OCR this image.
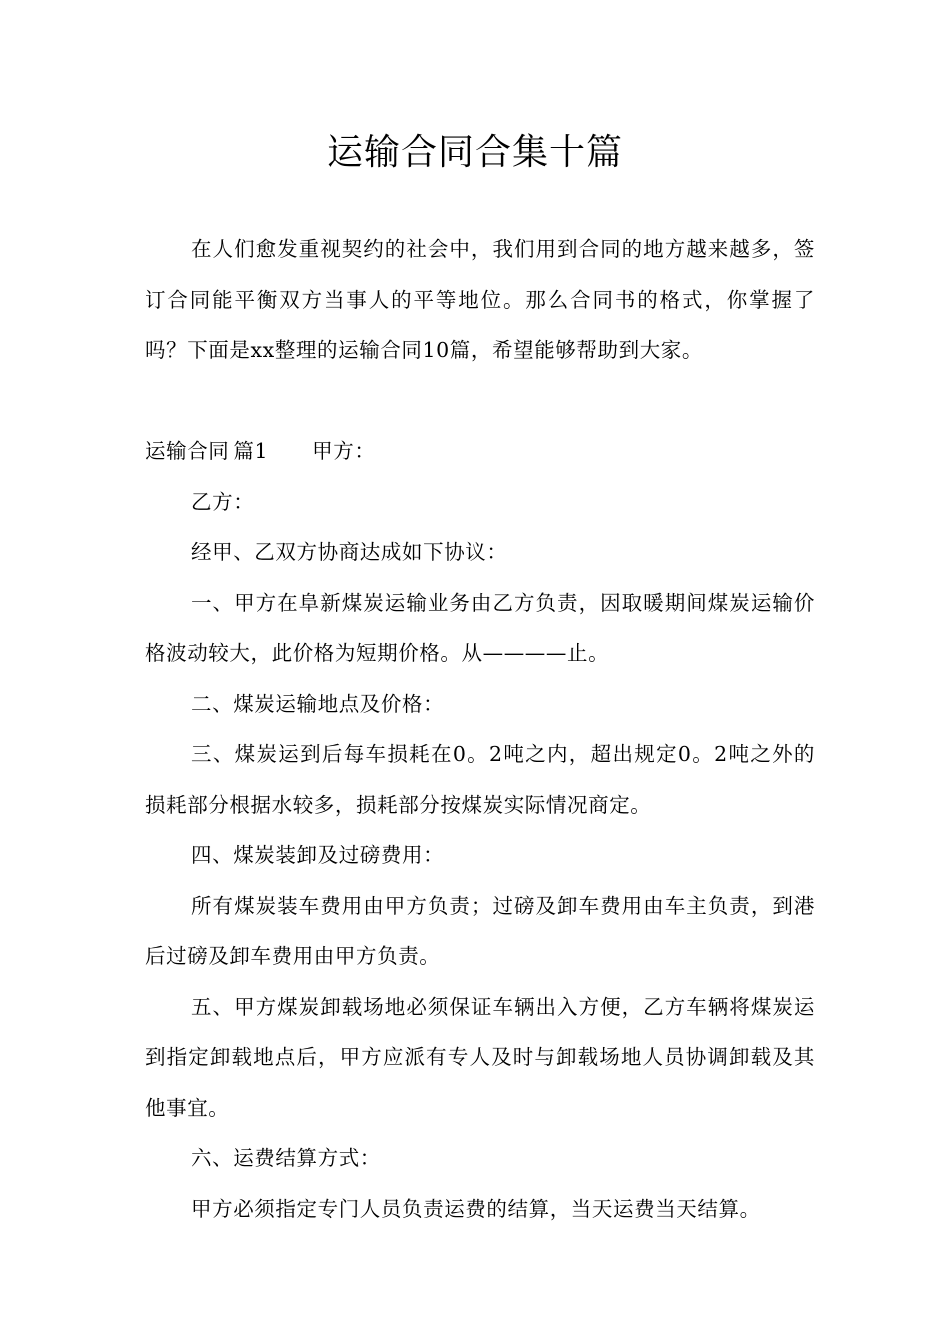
运输合同合集十篇

在人们愈发重视契约的社会中，我们用到合同的地方越来越多，签订合同能平衡双方当事人的平等地位。那么合同书的格式，你掌握了吗？下面是xx整理的运输合同10篇，希望能够帮助到大家。

运输合同 篇1 甲方：

乙方：

经甲、乙双方协商达成如下协议：

一、甲方在阜新煤炭运输业务由乙方负责，因取暖期间煤炭运输价格波动较大，此价格为短期价格。从————止。

二、煤炭运输地点及价格：

三、煤炭运到后每车损耗在0。2吨之内，超出规定0。2吨之外的损耗部分根据水较多，损耗部分按煤炭实际情况商定。

四、煤炭装卸及过磅费用：

所有煤炭装车费用由甲方负责；过磅及卸车费用由车主负责，到港后过磅及卸车费用由甲方负责。

五、甲方煤炭卸载场地必须保证车辆出入方便，乙方车辆将煤炭运到指定卸载地点后，甲方应派有专人及时与卸载场地人员协调卸载及其他事宜。

六、运费结算方式：

甲方必须指定专门人员负责运费的结算，当天运费当天结算。
